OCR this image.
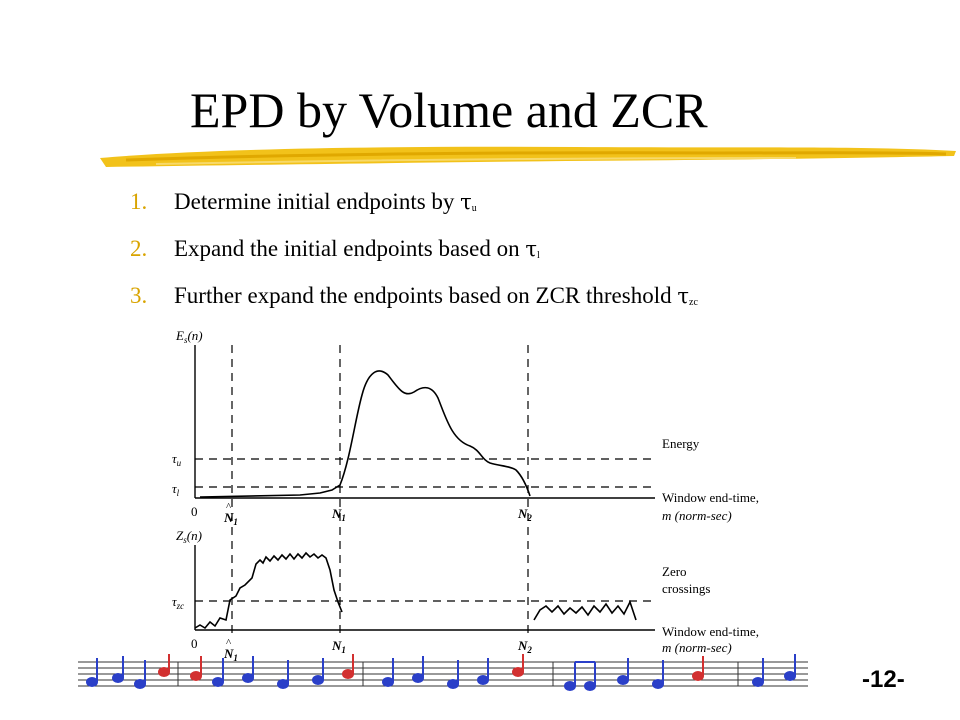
EPD by Volume and ZCR
1. Determine initial endpoints by $\tau_u$
2. Expand the initial endpoints based on $\tau_l$
3. Further expand the endpoints based on ZCR threshold $\tau_{zc}$
$E_s(n)$
$\tau_u$
$\tau_l$
Energy
Window end-time,
m (norm-sec)
0 $N_1$
^	$N_1$	$N_2$
$Z_s(n)$
$\tau_{zc}$
Zero
crossings
Window end-time,
m (norm-sec)
0
$N_1$
^	$N_1$	$N_2$
-12-
